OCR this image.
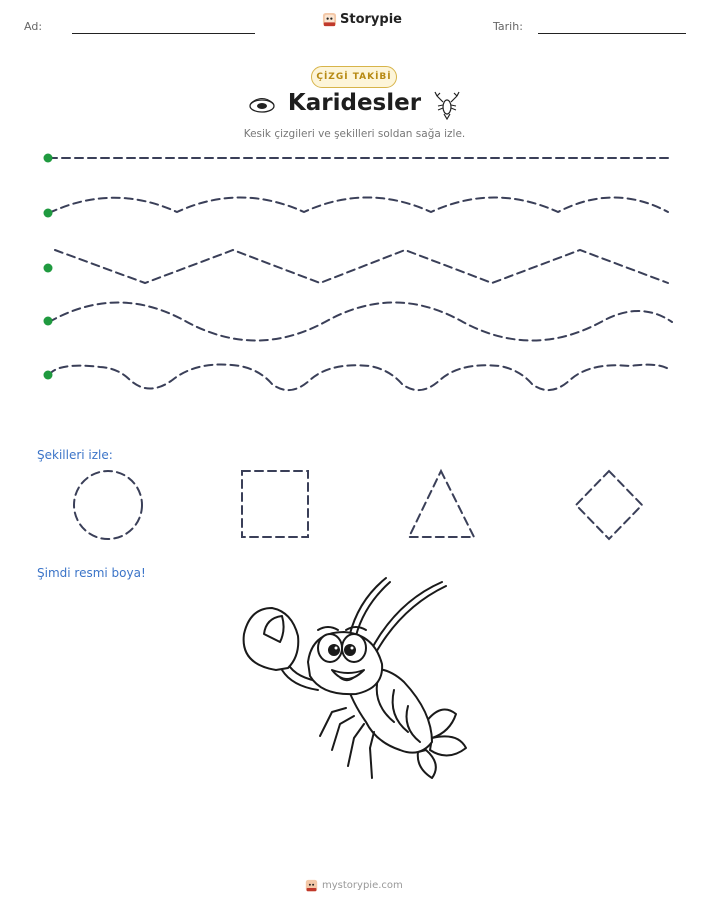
Ad:	Storypie	Tarih:
ÇİZGİ TAKİBİ
Karidesler
Kesik çizgileri ve şekilleri soldan sağa izle.
Şekilleri izle:
Şimdi resmi boya!
mystorypie.com
